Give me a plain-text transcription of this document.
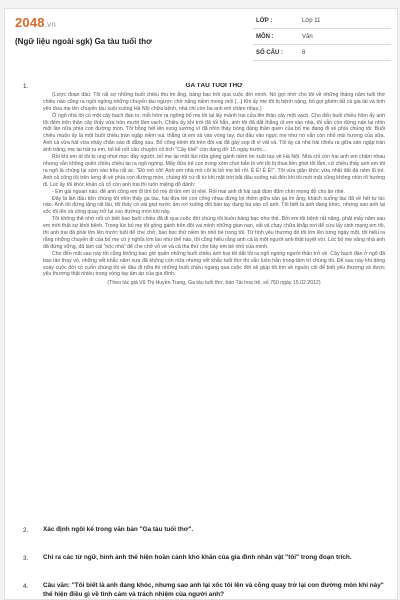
2048.vn
(Ngữ liệu ngoài sgk) Ga tàu tuổi thơ
LỚP :	Lớp 11
MÔN :	Văn
SỐ CÂU :	8
1.	GA TÀU TUỔI THƠ

(Lược đoạn đầu: Tôi rất sợ những buổi chiều thu im ắng, bàng bạc trôi qua cuộc đời mình. Nó gợi nhớ cho tôi về những tháng năm tuổi thơ chiều nào cũng ra ngồi ngóng những chuyến tàu ngược chờ nặng niềm mong mỏi [...] Khi ấy mẹ tôi bị bệnh nặng, bố gọi ghém tất cả gia tài và tình yêu đưa mẹ lên chuyến tàu xuôi xuống Hà Nội chữa bệnh, nhà chỉ còn ba anh em chăm nhau.)

Ở ngõ nhà tôi có một cây bạch đàn to, mỗi hôm ra ngõng bố mẹ tôi lại lấy mảnh trai cửa lên thân cây một vạch. Cho đến buổi chiều hôm ấy anh tôi đếm trên thân cây thấy vừa tròn mười lăm vạch. Chiều ấy khi trời đã tối hẳn, anh tôi đã dắt thằng út em vào nhà, tôi vẫn còn đứng nán lại nhìn một lần nữa phía con đường mòn. Tôi bỗng hét lên sung sướng vì đã nhìn thấy bóng dáng thân quen của bố mẹ đang đi về phía chúng tôi. Buổi chiều muộn ấy là một buổi chiều tràn ngập niềm vui, thằng út em sà vào vòng tay, dụi đầu vào ngực mẹ như nó vẫn còn nhỏ mùi hương của sữa. Anh cả vừa hát vừa nhảy chân sáo đi đằng sau. Bố cõng kênh tôi trên đôi vai đã gầy sọp đi vì vất vả. Tối ấy cả nhà trải chiếu ra giữa sân ngập tràn ánh trăng, mẹ lại hát ru em, bố kể nốt câu chuyện cổ tích "Cây khế" còn dang dở 15 ngày trước...

Rồi khi em út tôi bị ung nhọt mọc đầy người, bố mẹ lại một lần nữa gồng gánh niềm tin xuôi tàu về Hà Nội. Nhà chỉ còn hai anh em chăm nhau nhưng vẫn không quên chiều chiều lại ra ngõ ngóng. Mấy đứa trẻ con trong xóm chơi bắn bi với tôi bị thua liền ghét tôi lắm, cứ chiều thấy anh em tôi ra ngõ là chúng lại xúm vào trêu rất ác: "Đồ mồ côi! Anh em nhà mồ côi bị bỏ mẹ bỏ rồi. Ê Ê! Ê Ê!". Tôi vừa giận khóc vừa nhặt đất đá ném lũ trẻ. Anh cả cõng tôi trên lưng đi về phía con đường mòn, chúng tôi cứ đi từ khi mặt trời bắt đầu xuống núi đến khi tối mới mặt cũng không nhìn rõ hướng đi. Lúc ấy tôi khóc khản cả cổ còn anh trai thì luôn miệng dỗ dành:

- Em gái ngoan nào, để anh cõng em đi tìm bố mẹ đi tìm em út nhé. Rồi mai anh đi hái quả đùm đũm chín mọng đỏ cho ăn nhé.

Đây là lần đầu tiên chúng tôi nhìn thấy ga tàu, hai đứa trẻ con cõng nhau đứng lọt thỏm giữa sân ga im ắng, khách xuống tàu đã về hết tự lúc nào. Anh tôi đứng lặng rất lâu, tôi thấy có vài giọt nước ấm rơi xuống đôi bàn tay đang bá vào cổ anh. Tôi biết là anh đang khóc, nhưng sao anh lại xốc tôi lên và công quay trở lại con đường mòn khi này.

Tôi không thể nhớ nổi có biết bao buổi chiều đã đi qua cuộc đời chúng tôi buồn bàng bạc như thế. Bởi em tôi bệnh rất nặng, phải mấy năm sau em mới thật sự khỏi bệnh. Trong lúc bố mẹ tôi gồng gánh trên đôi vai mình những gian nan, vất vả chạy chữa khắp nơi để cứu lấy sinh mạng em tôi, thì anh trai đã phải lớn lên trước tuổi để che chở, bao bọc thứ niềm tin nhỏ bé trong tôi. Từ tình yêu thương đó tôi lớn lên từng ngày một, tôi hiểu ra rằng những chuyến đi của bố mẹ có ý nghĩa lớn lao như thế nào, tôi cũng hiểu rằng anh cả là một người anh thật tuyệt vời. Lúc bố mẹ vắng nhà anh đã đứng vững, đã làm cái "nóc nhà" để che chở vỗ về và cả tha thứ cho bầy em bé nhỏ của mình.

Cho đến mãi sau này tôi cũng không bao giờ quên những buổi chiều anh trai tôi dắt tôi ra ngõ ngóng người thân trở về. Cây bạch đàn ở ngõ đã bao lần thay vỏ, những vết khắc năm xưa đã không còn nữa nhưng vết khắc tuổi thơ thì vẫn luôn hằn trong tâm trí chúng tôi. Để sau này khi dòng xoáy cuộc đời có cuốn chúng tôi về đâu đi nữa thì những buổi chiều ngang qua cuộc đời sẽ giúp tôi tìm về nguồn cội để biết yêu thương và được yêu thương thật nhiều trong vòng tay ấm áp của gia đình.

(Theo tác giả Vũ Thị Huyền Trang, Ga tàu tuổi thơ, báo Tài hoa trẻ, số 750 ngày 15.02.2012)

2. Xác định ngôi kể trong văn bản "Ga tàu tuổi thơ".
3. Chỉ ra các từ ngữ, hình ảnh thể hiện hoàn cảnh khó khăn của gia đình nhân vật "tôi" trong đoạn trích.
4. Câu văn: "Tôi biết là anh đang khóc, nhưng sao anh lại xốc tôi lên và cõng quay trở lại con đường mòn khi này" thể hiện điều gì về tình cảm và trách nhiệm của người anh?
